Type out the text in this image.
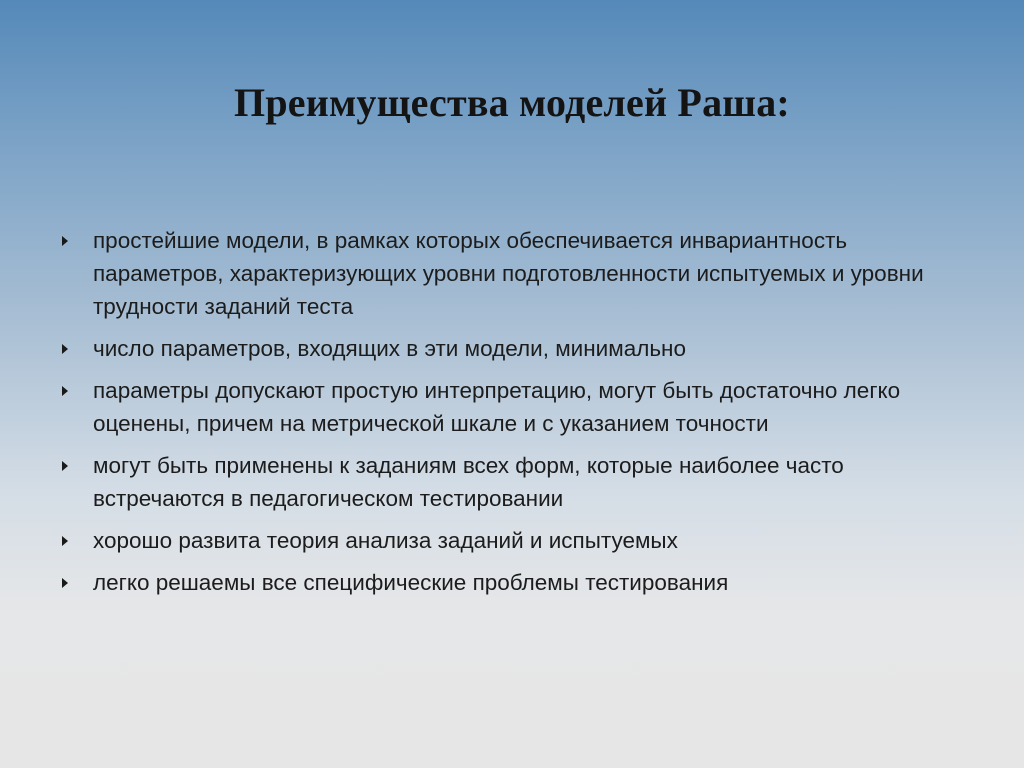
Преимущества моделей Раша:
простейшие модели, в рамках которых обеспечивается инвариантность параметров, характеризующих уровни подготовленности испытуемых и уровни трудности заданий теста
число параметров, входящих в эти модели, минимально
параметры допускают простую интерпретацию, могут быть достаточно легко оценены, причем на метрической шкале и с указанием точности
могут быть применены к заданиям всех форм, которые наиболее часто встречаются в педагогическом тестировании
хорошо развита теория анализа заданий и испытуемых
легко решаемы все специфические проблемы тестирования
